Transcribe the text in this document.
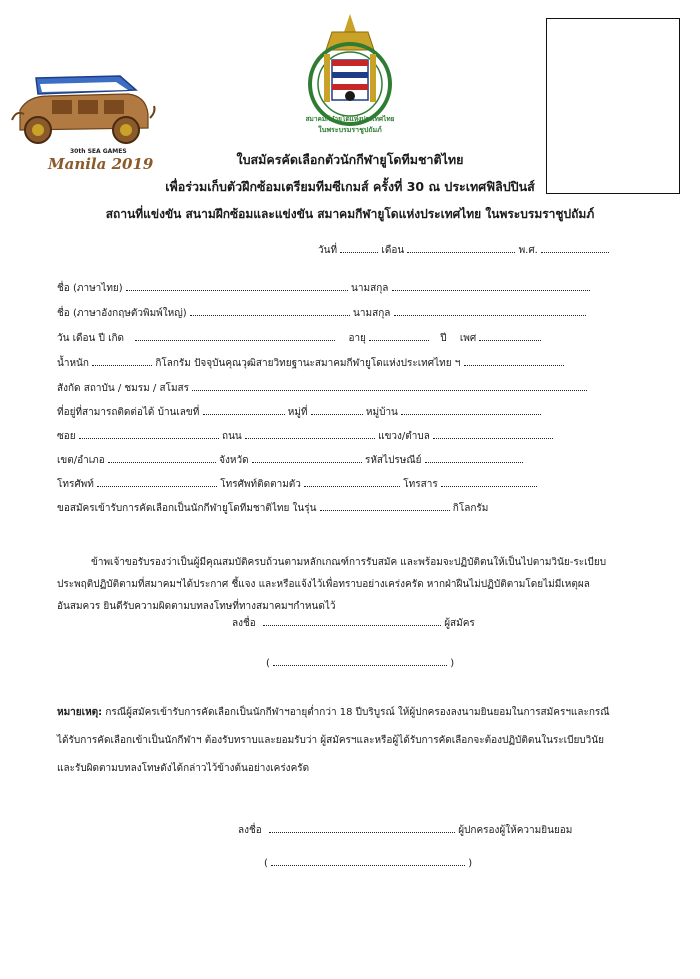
30th SEA GAMES
Manila 2019
สมาคมกีฬายูโดแห่งประเทศไทย
ในพระบรมราชูปถัมภ์
ใบสมัครคัดเลือกตัวนักกีฬายูโดทีมชาติไทย
เพื่อร่วมเก็บตัวฝึกซ้อมเตรียมทีมซีเกมส์ ครั้งที่ 30 ณ ประเทศฟิลิปปินส์
สถานที่แข่งขัน สนามฝึกซ้อมและแข่งขัน สมาคมกีฬายูโดแห่งประเทศไทย ในพระบรมราชูปถัมภ์
วันที่	เดือน	พ.ศ.
ชื่อ (ภาษาไทย)	นามสกุล
ชื่อ (ภาษาอังกฤษตัวพิมพ์ใหญ่)	นามสกุล
วัน เดือน ปี เกิด	อายุ	ปี เพศ
น้ำหนัก	กิโลกรัม ปัจจุบันคุณวุฒิสายวิทยฐานะสมาคมกีฬายูโดแห่งประเทศไทย ฯ
สังกัด สถาบัน / ชมรม / สโมสร
ที่อยู่ที่สามารถติดต่อได้ บ้านเลขที่	หมู่ที่	หมู่บ้าน
ซอย	ถนน	แขวง/ตำบล
เขต/อำเภอ	จังหวัด	รหัสไปรษณีย์
โทรศัพท์	โทรศัพท์ติดตามตัว	โทรสาร
ขอสมัครเข้ารับการคัดเลือกเป็นนักกีฬายูโดทีมชาติไทย ในรุ่น	กิโลกรัม
ข้าพเจ้าขอรับรองว่าเป็นผู้มีคุณสมบัติครบถ้วนตามหลักเกณฑ์การรับสมัค และพร้อมจะปฏิบัติตนให้เป็นไปตามวินัย-ระเบียบ
ประพฤติปฏิบัติตามที่สมาคมฯได้ประกาศ ชี้แจง และหรือแจ้งไว้เพื่อทราบอย่างเคร่งครัด หากฝ่าฝืนไม่ปฏิบัติตามโดยไม่มีเหตุผล
อันสมควร ยินดีรับความผิดตามบทลงโทษที่ทางสมาคมฯกำหนดไว้
ลงชื่อ	ผู้สมัคร
(	)
หมายเหตุ: กรณีผู้สมัครเข้ารับการคัดเลือกเป็นนักกีฬาฯอายุต่ำกว่า 18 ปีบริบูรณ์ ให้ผู้ปกครองลงนามยินยอมในการสมัครฯและกรณี
ได้รับการคัดเลือกเข้าเป็นนักกีฬาฯ ต้องรับทราบและยอมรับว่า ผู้สมัครฯและหรือผู้ได้รับการคัดเลือกจะต้องปฏิบัติตนในระเบียบวินัย
และรับผิดตามบทลงโทษดังได้กล่าวไว้ข้างต้นอย่างเคร่งครัด
ลงชื่อ	ผู้ปกครองผู้ให้ความยินยอม
(	)
